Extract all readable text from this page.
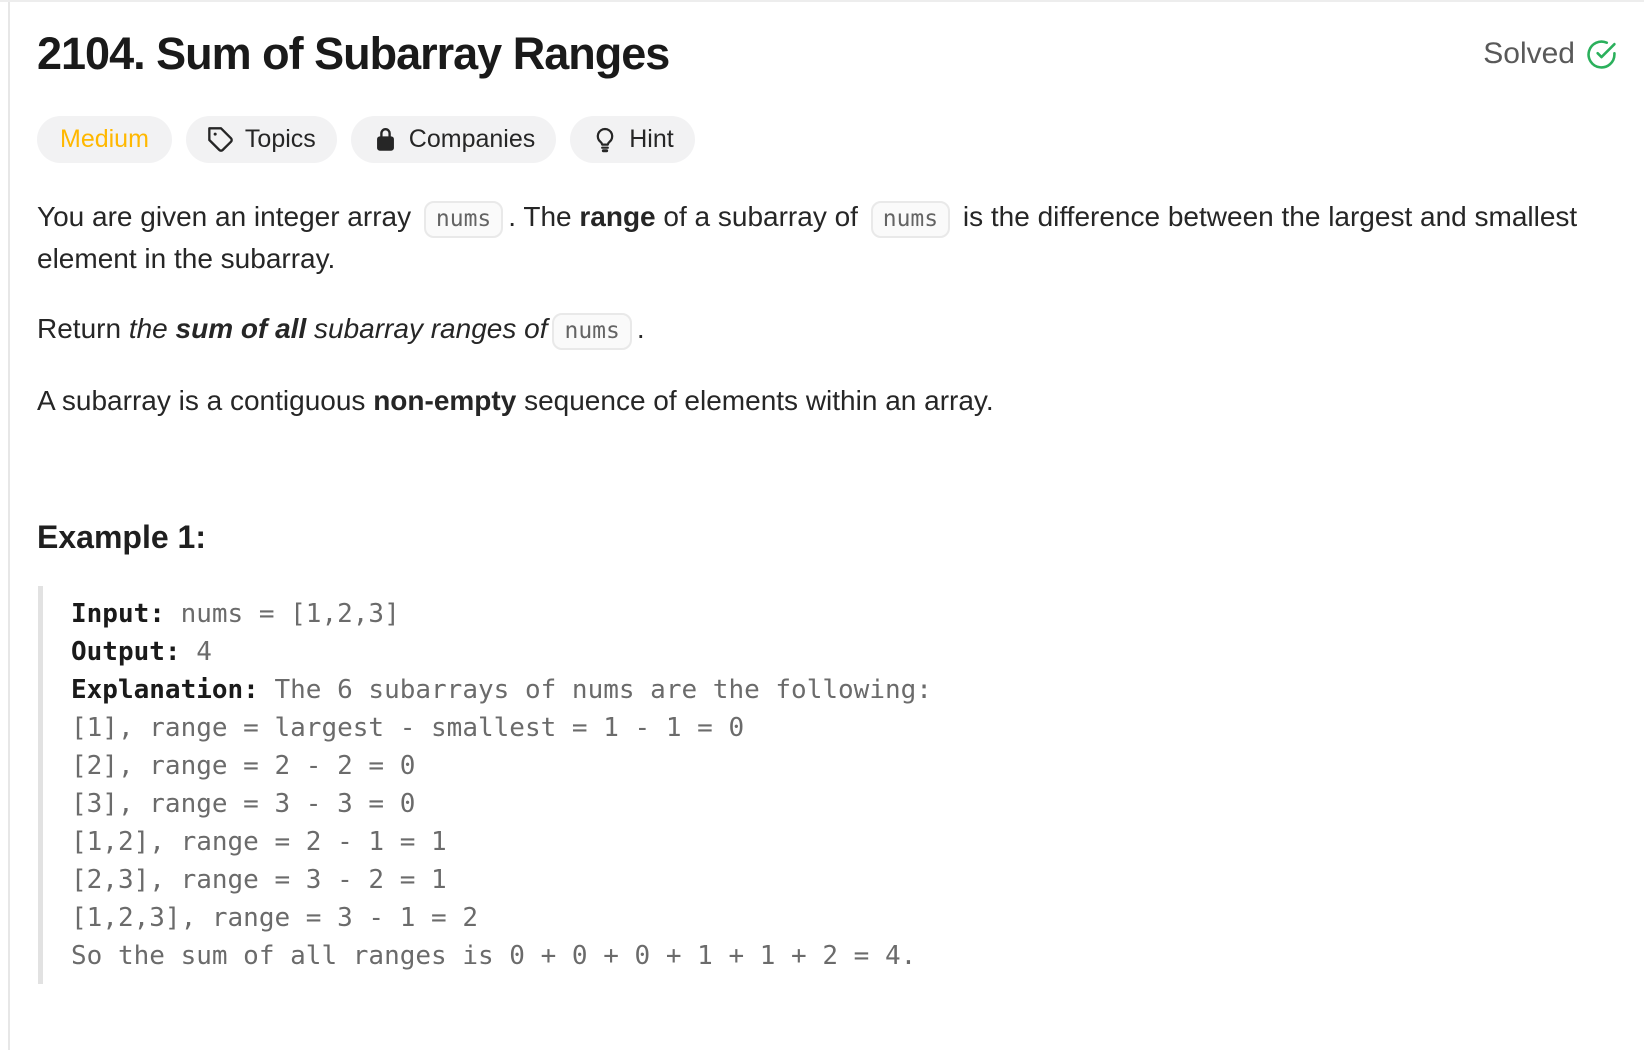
2104. Sum of Subarray Ranges	Solved
Medium	Topics	Companies	Hint

You are given an integer array nums . The range of a subarray of nums is the difference between the largest and smallest element in the subarray.

Return the sum of all subarray ranges of nums .

A subarray is a contiguous non-empty sequence of elements within an array.

Example 1:
Input: nums = [1,2,3]
Output: 4
Explanation: The 6 subarrays of nums are the following:
[1], range = largest - smallest = 1 - 1 = 0
[2], range = 2 - 2 = 0
[3], range = 3 - 3 = 0
[1,2], range = 2 - 1 = 1
[2,3], range = 3 - 2 = 1
[1,2,3], range = 3 - 1 = 2
So the sum of all ranges is 0 + 0 + 0 + 1 + 1 + 2 = 4.
